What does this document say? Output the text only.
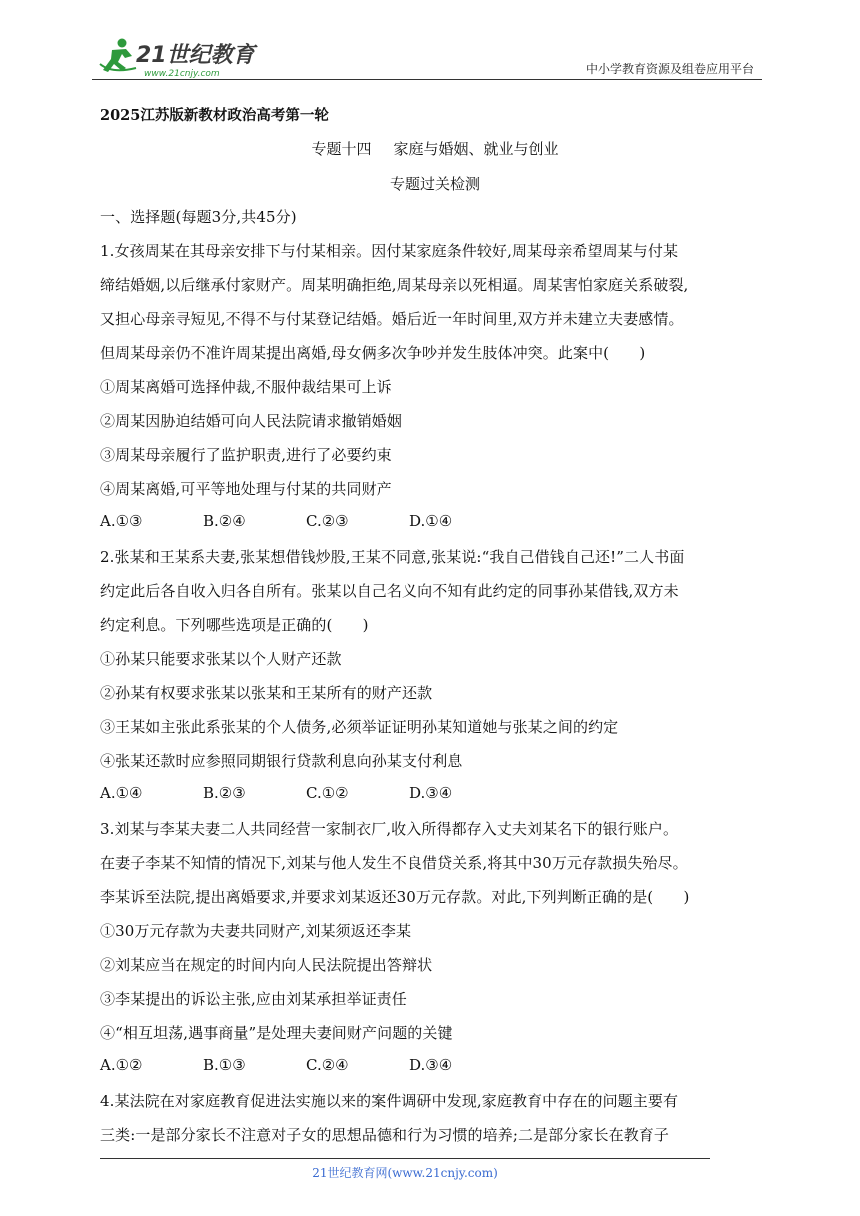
21世纪教育
www.21cnjy.com	中小学教育资源及组卷应用平台
2025江苏版新教材政治高考第一轮
专题十四 家庭与婚姻、就业与创业
专题过关检测
一、选择题(每题3分,共45分)
1.女孩周某在其母亲安排下与付某相亲。因付某家庭条件较好,周某母亲希望周某与付某
缔结婚姻,以后继承付家财产。周某明确拒绝,周某母亲以死相逼。周某害怕家庭关系破裂,
又担心母亲寻短见,不得不与付某登记结婚。婚后近一年时间里,双方并未建立夫妻感情。
但周某母亲仍不准许周某提出离婚,母女俩多次争吵并发生肢体冲突。此案中(　　)
①周某离婚可选择仲裁,不服仲裁结果可上诉
②周某因胁迫结婚可向人民法院请求撤销婚姻
③周某母亲履行了监护职责,进行了必要约束
④周某离婚,可平等地处理与付某的共同财产
A.①③	B.②④	C.②③	D.①④
2.张某和王某系夫妻,张某想借钱炒股,王某不同意,张某说:“我自己借钱自己还!”二人书面
约定此后各自收入归各自所有。张某以自己名义向不知有此约定的同事孙某借钱,双方未
约定利息。下列哪些选项是正确的(　　)
①孙某只能要求张某以个人财产还款
②孙某有权要求张某以张某和王某所有的财产还款
③王某如主张此系张某的个人债务,必须举证证明孙某知道她与张某之间的约定
④张某还款时应参照同期银行贷款利息向孙某支付利息
A.①④	B.②③	C.①②	D.③④
3.刘某与李某夫妻二人共同经营一家制衣厂,收入所得都存入丈夫刘某名下的银行账户。
在妻子李某不知情的情况下,刘某与他人发生不良借贷关系,将其中30万元存款损失殆尽。
李某诉至法院,提出离婚要求,并要求刘某返还30万元存款。对此,下列判断正确的是(　　)
①30万元存款为夫妻共同财产,刘某须返还李某
②刘某应当在规定的时间内向人民法院提出答辩状
③李某提出的诉讼主张,应由刘某承担举证责任
④“相互坦荡,遇事商量”是处理夫妻间财产问题的关键
A.①②	B.①③	C.②④	D.③④
4.某法院在对家庭教育促进法实施以来的案件调研中发现,家庭教育中存在的问题主要有
三类:一是部分家长不注意对子女的思想品德和行为习惯的培养;二是部分家长在教育子
21世纪教育网(www.21cnjy.com)
